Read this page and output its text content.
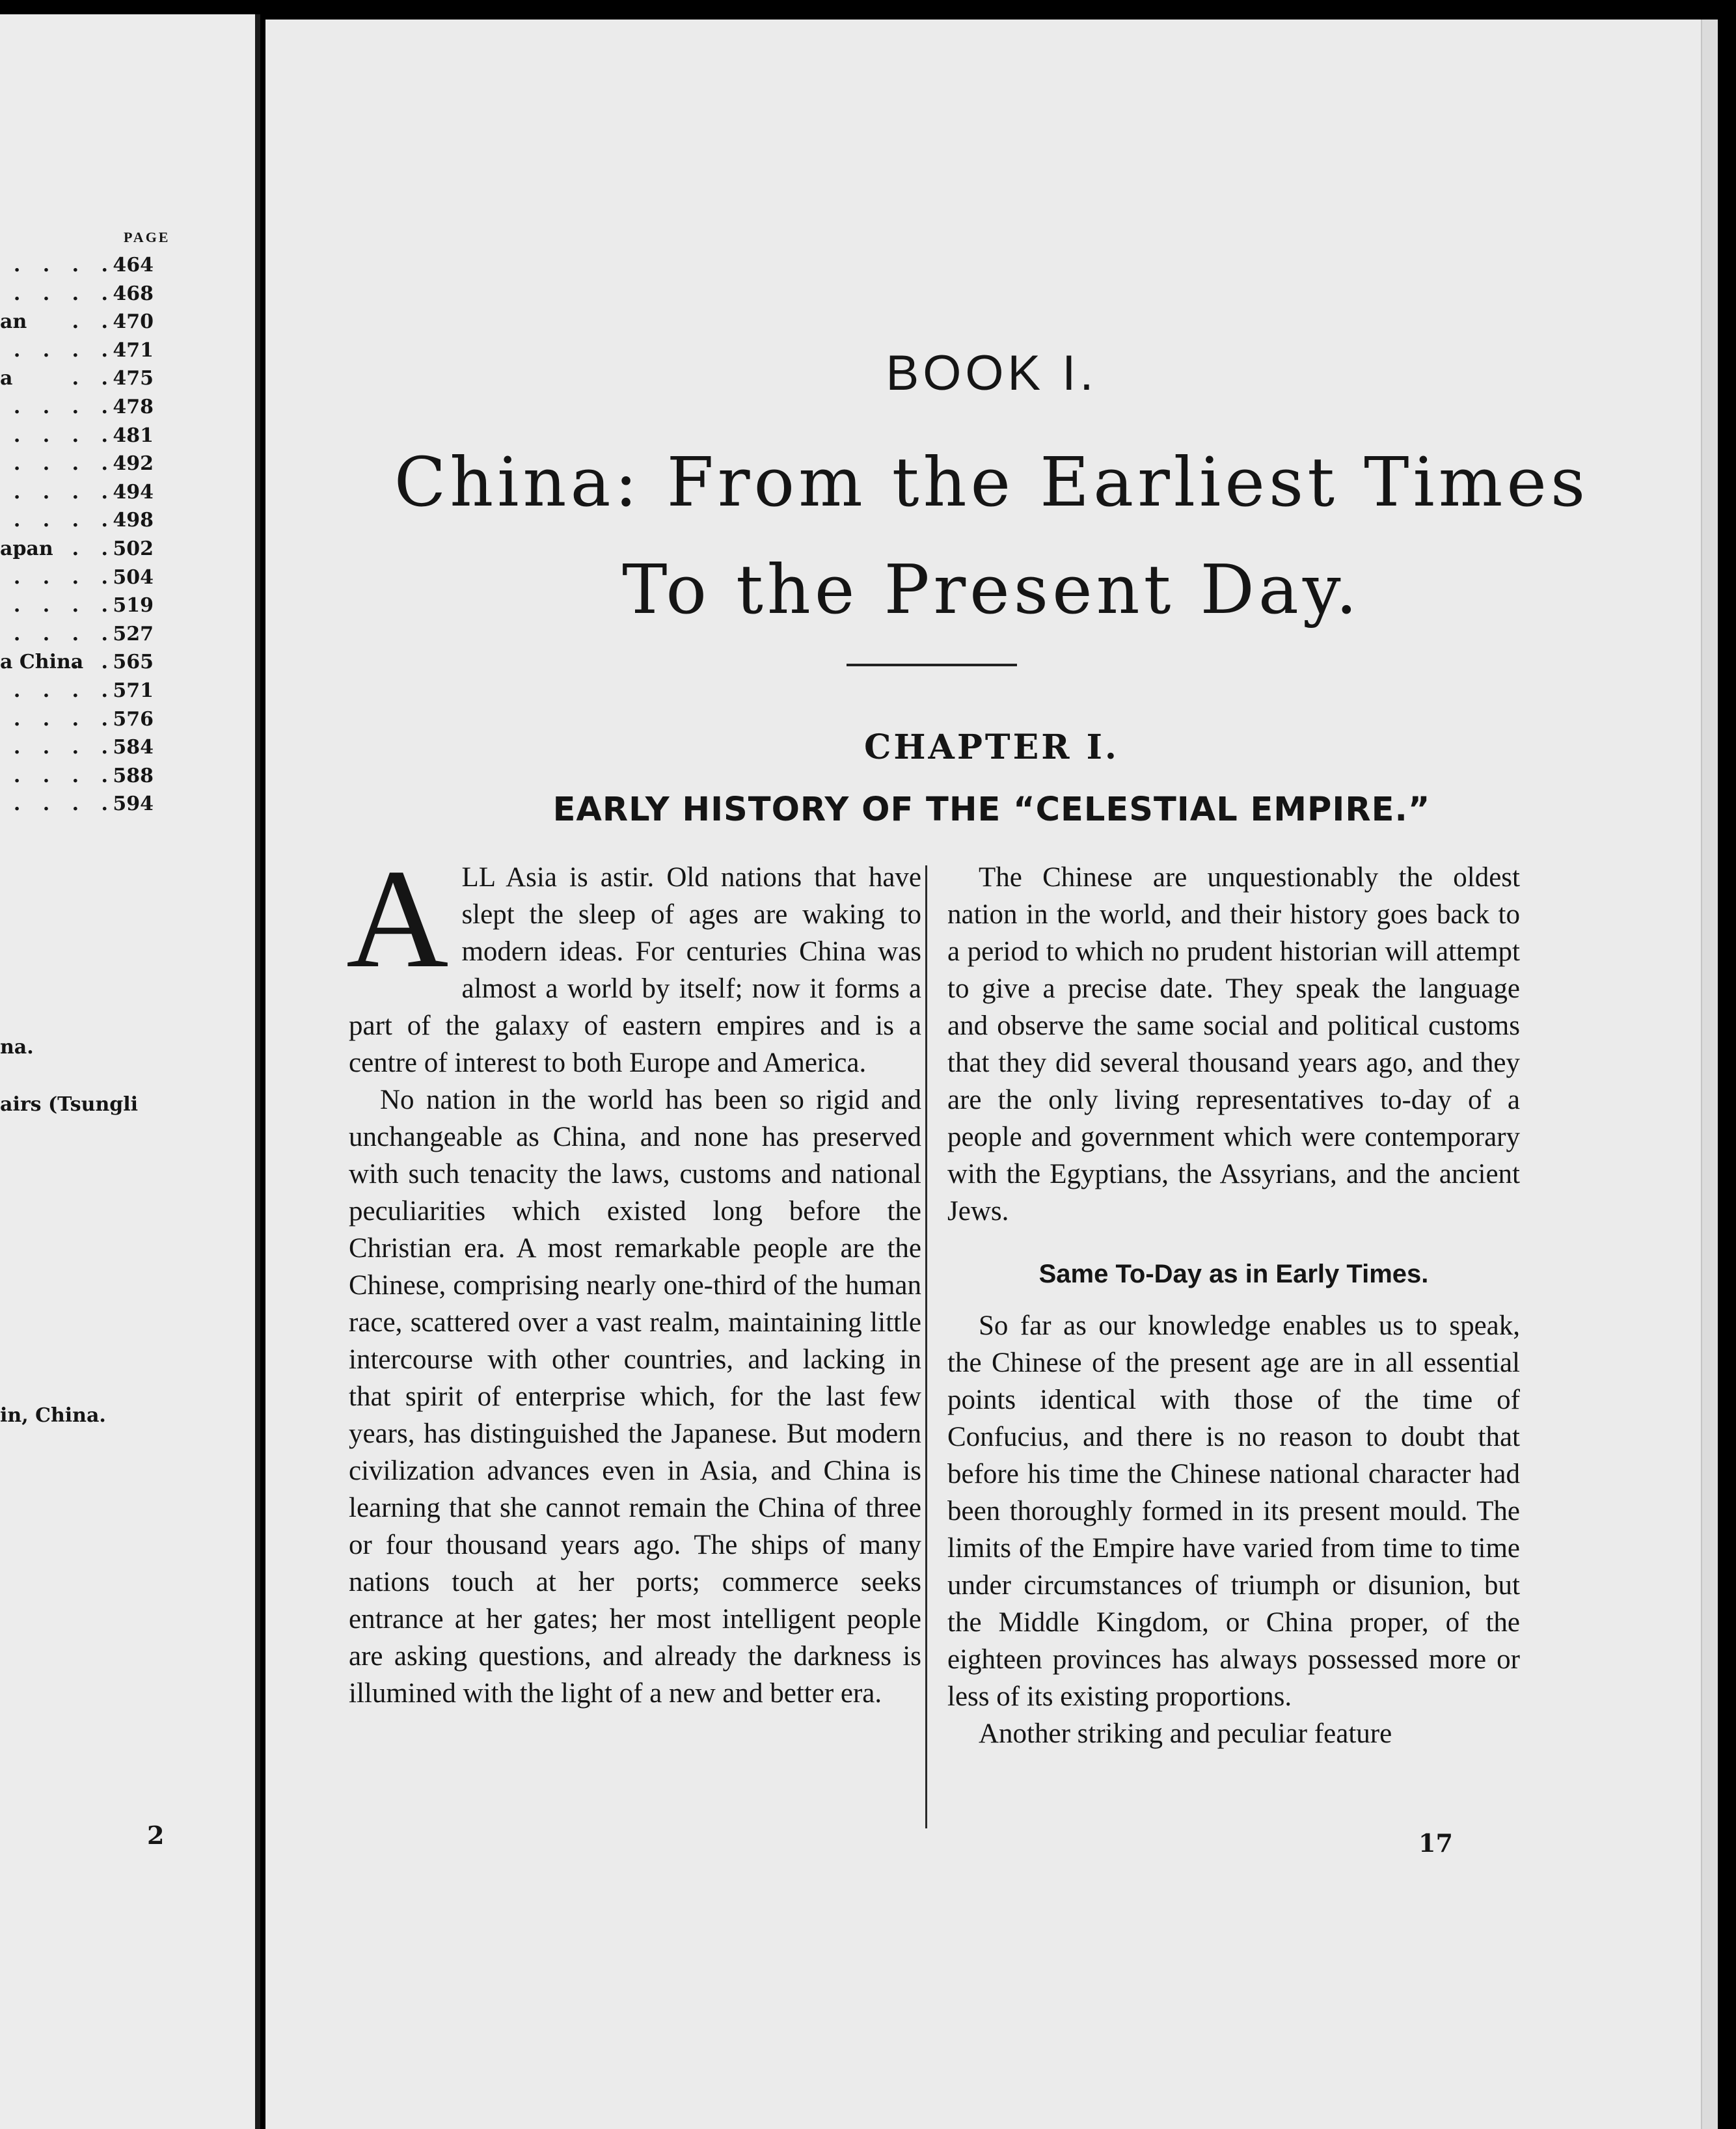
PAGE
. . . .
464
. . . .
468
an . .
470
. . . .
471
a	. .
475
. . . .
478
. . . .
481
. . . .
492
. . . .
494
. . . .
498
apan . .
502
. . . .
504
. . . .
519
. . . .
527
a China
. .
565
. . . .
571
. . . .
576
. . . .
584
. . . .
588
. . . .
594
na.
airs (Tsungli
in, China.
2
BOOK I.
China: From the Earliest Times
To the Present Day.
CHAPTER I.
EARLY HISTORY OF THE “CELESTIAL EMPIRE.”

ALL Asia is astir. Old nations that have slept the sleep of ages are waking to modern ideas. For centuries China was almost a world by itself; now it forms a part of the galaxy of eastern empires and is a centre of interest to both Europe and America.

No nation in the world has been so rigid and unchangeable as China, and none has preserved with such tenacity the laws, customs and national peculiarities which existed long before the Christian era. A most remarkable people are the Chinese, comprising nearly one-third of the human race, scattered over a vast realm, maintaining little intercourse with other countries, and lacking in that spirit of enterprise which, for the last few years, has distinguished the Japanese. But modern civilization advances even in Asia, and China is learning that she cannot remain the China of three or four thousand years ago. The ships of many nations touch at her ports; commerce seeks entrance at her gates; her most intelligent people are asking questions, and already the darkness is illumined with the light of a new and better era.

The Chinese are unquestionably the oldest nation in the world, and their history goes back to a period to which no prudent historian will attempt to give a precise date. They speak the language and observe the same social and political customs that they did several thousand years ago, and they are the only living representatives to-day of a people and government which were contemporary with the Egyptians, the Assyrians, and the ancient Jews.

Same To-Day as in Early Times.

So far as our knowledge enables us to speak, the Chinese of the present age are in all essential points identical with those of the time of Confucius, and there is no reason to doubt that before his time the Chinese national character had been thoroughly formed in its present mould. The limits of the Empire have varied from time to time under circumstances of triumph or disunion, but the Middle Kingdom, or China proper, of the eighteen provinces has always possessed more or less of its existing proportions.

Another striking and peculiar feature

17
